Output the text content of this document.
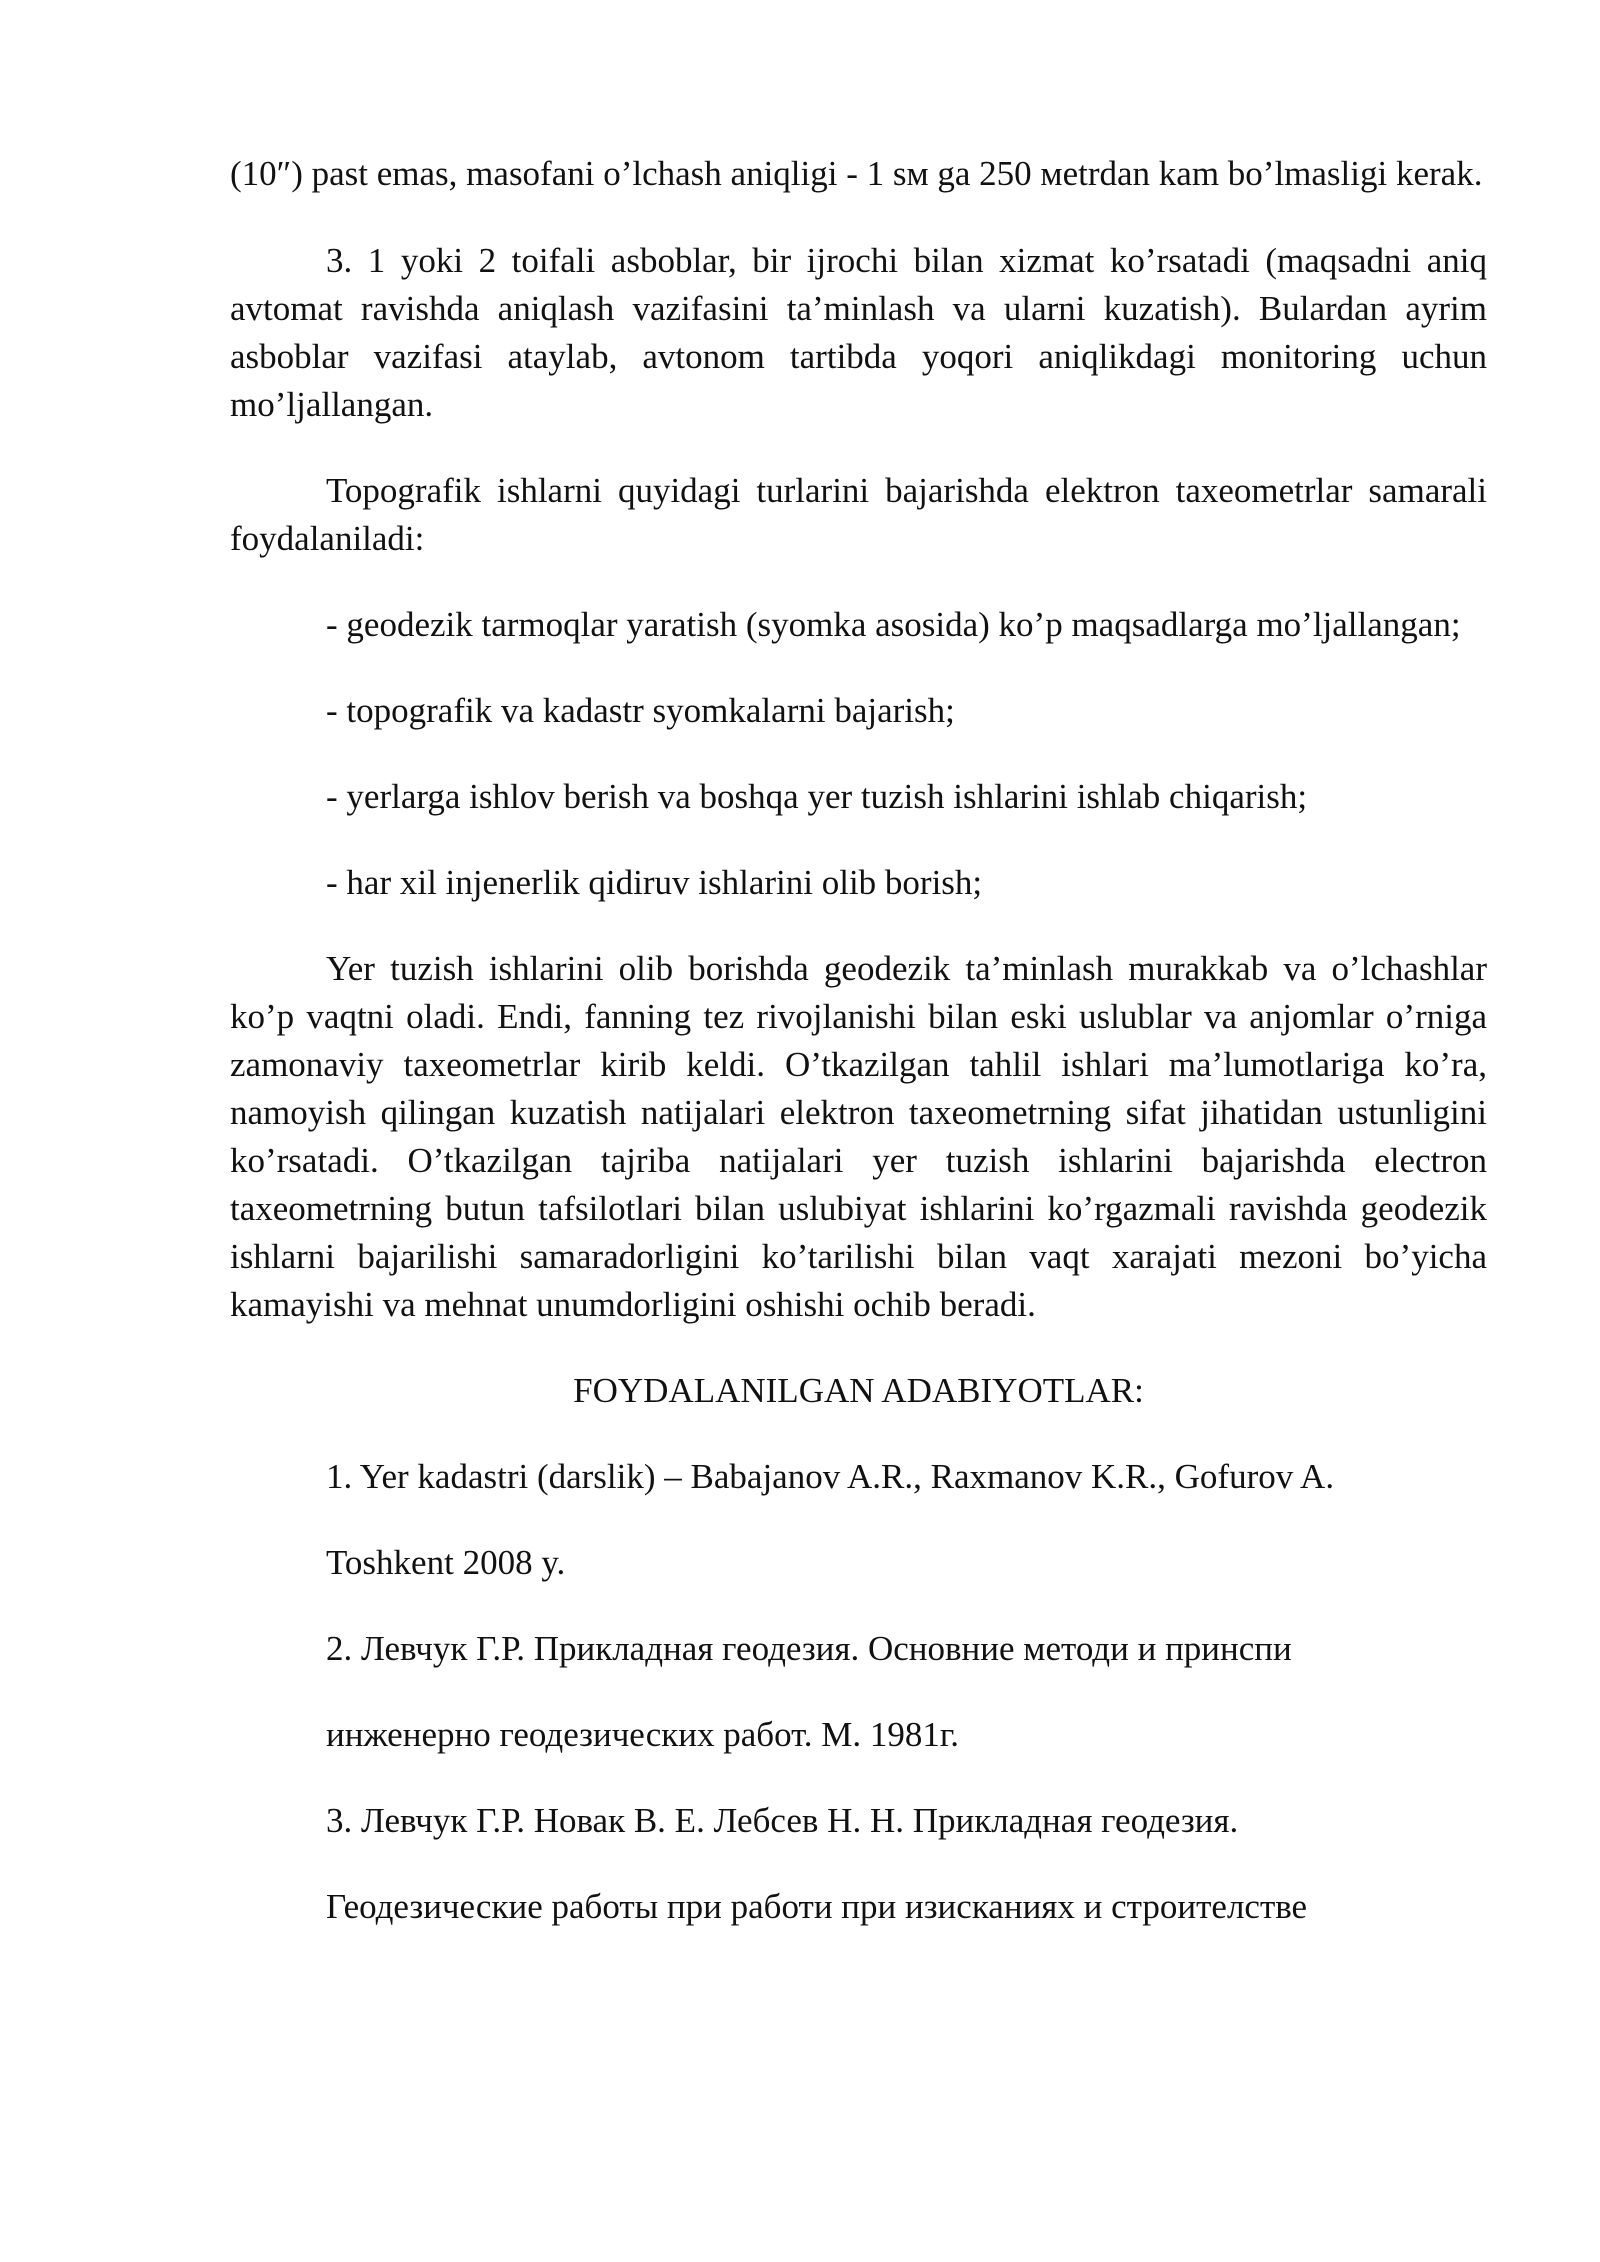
(10″) past emas, masofani o’lchash aniqligi - 1 sм ga 250 мetrdan kam bo’lmasligi kerak.

3. 1 yoki 2 toifali asboblar, bir ijrochi bilan xizmat ko’rsatadi (maqsadni aniq avtomat ravishda aniqlash vazifasini ta’minlash va ularni kuzatish). Bulardan ayrim asboblar vazifasi ataylab, avtonom tartibda yoqori aniqlikdagi monitoring uchun mo’ljallangan.

Topografik ishlarni quyidagi turlarini bajarishda elektron taxeometrlar samarali foydalaniladi:

- geodezik tarmoqlar yaratish (syomka asosida) ko’p maqsadlarga mo’ljallangan;

- topografik va kadastr syomkalarni bajarish;

- yerlarga ishlov berish va boshqa yer tuzish ishlarini ishlab chiqarish;

- har xil injenerlik qidiruv ishlarini olib borish;

Yer tuzish ishlarini olib borishda geodezik ta’minlash murakkab va o’lchashlar ko’p vaqtni oladi. Endi, fanning tez rivojlanishi bilan eski uslublar va anjomlar o’rniga zamonaviy taxeometrlar kirib keldi. O’tkazilgan tahlil ishlari ma’lumotlariga ko’ra, namoyish qilingan kuzatish natijalari elektron taxeometrning sifat jihatidan ustunligini ko’rsatadi. O’tkazilgan tajriba natijalari yer tuzish ishlarini bajarishda electron taxeometrning butun tafsilotlari bilan uslubiyat ishlarini ko’rgazmali ravishda geodezik ishlarni bajarilishi samaradorligini ko’tarilishi bilan vaqt xarajati mezoni bo’yicha kamayishi va mehnat unumdorligini oshishi ochib beradi.

FOYDALANILGAN ADABIYOTLAR:

1. Yer kadastri (darslik) – Babajanov A.R., Raxmanov K.R., Gofurov A.

Toshkent 2008 y.

2. Левчук Г.Р. Прикладная геодезия. Основние методи и принспи

инженерно геодезических работ. М. 1981г.

3. Левчук Г.Р. Новак В. Е. Лебсев Н. Н. Прикладная геодезия.

Геодезические работы при работи при изисканиях и строителстве
